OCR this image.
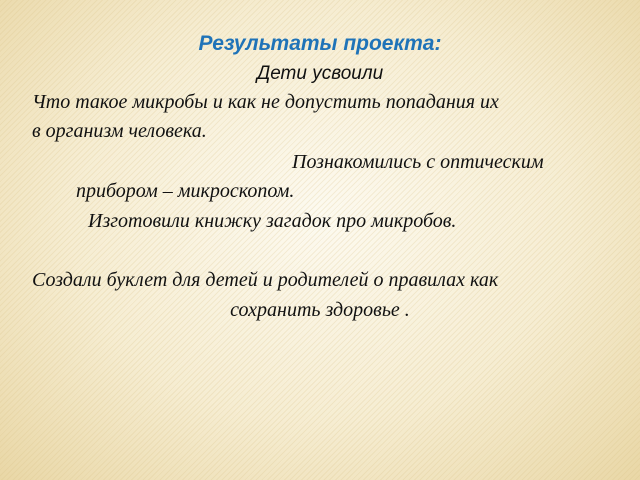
Результаты проекта:
Дети усвоили
Что такое микробы и как не допустить попадания их
в организм человека.
Познакомились с оптическим
прибором – микроскопом.
Изготовили книжку загадок про микробов.
Создали буклет для детей и родителей о правилах как
сохранить здоровье .
